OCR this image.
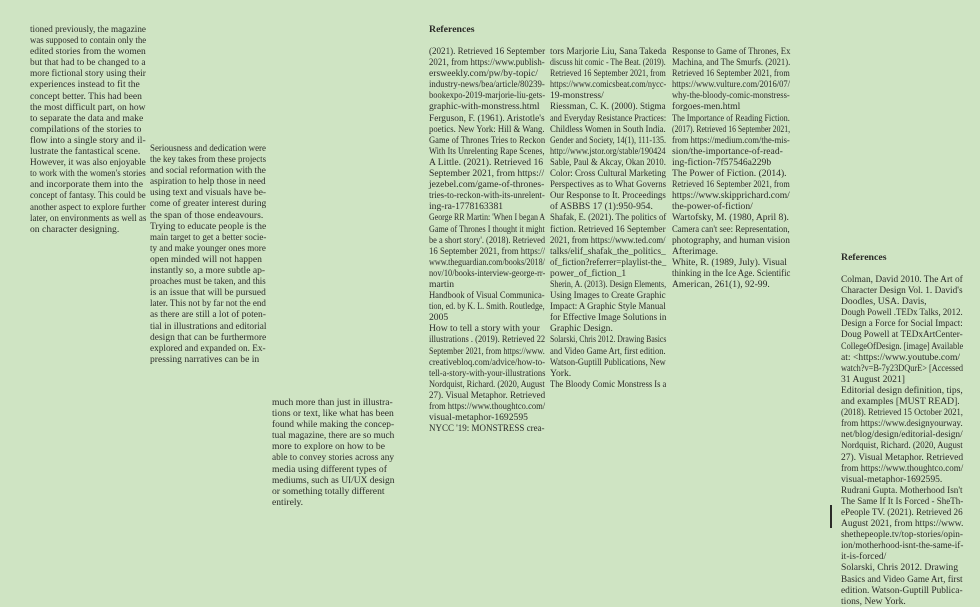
tioned previously, the magazine
was supposed to contain only the
edited stories from the women
but that had to be changed to a
more fictional story using their
experiences instead to fit the
concept better. This had been
the most difficult part, on how
to separate the data and make
compilations of the stories to
flow into a single story and il-
lustrate the fantastical scene.
However, it was also enjoyable
to work with the women's stories
and incorporate them into the
concept of fantasy. This could be
another aspect to explore further
later, on environments as well as
on character designing.
Seriousness and dedication were
the key takes from these projects
and social reformation with the
aspiration to help those in need
using text and visuals have be-
come of greater interest during
the span of those endeavours.
Trying to educate people is the
main target to get a better socie-
ty and make younger ones more
open minded will not happen
instantly so, a more subtle ap-
proaches must be taken, and this
is an issue that will be pursued
later. This not by far not the end
as there are still a lot of poten-
tial in illustrations and editorial
design that can be furthermore
explored and expanded on. Ex-
pressing narratives can be in
much more than just in illustra-
tions or text, like what has been
found while making the concep-
tual magazine, there are so much
more to explore on how to be
able to convey stories across any
media using different types of
mediums, such as UI/UX design
or something totally different
entirely.
References
(2021). Retrieved 16 September
2021, from https://www.publish-
ersweekly.com/pw/by-topic/
industry-news/bea/article/80239-
bookexpo-2019-marjorie-liu-gets-
graphic-with-monstress.html
Ferguson, F. (1961). Aristotle's
poetics. New York: Hill & Wang.
Game of Thrones Tries to Reckon
With Its Unrelenting Rape Scenes,
A Little. (2021). Retrieved 16
September 2021, from https://
jezebel.com/game-of-thrones-
tries-to-reckon-with-its-unrelent-
ing-ra-1778163381
George RR Martin: 'When I began A
Game of Thrones I thought it might
be a short story'. (2018). Retrieved
16 September 2021, from https://
www.theguardian.com/books/2018/
nov/10/books-interview-george-rr-
martin
Handbook of Visual Communica-
tion, ed. by K. L. Smith. Routledge,
2005
How to tell a story with your
illustrations . (2019). Retrieved 22
September 2021, from https://www.
creativebloq.com/advice/how-to-
tell-a-story-with-your-illustrations
Nordquist, Richard. (2020, August
27). Visual Metaphor. Retrieved
from https://www.thoughtco.com/
visual-metaphor-1692595
NYCC '19: MONSTRESS crea-
tors Marjorie Liu, Sana Takeda
discuss hit comic - The Beat. (2019).
Retrieved 16 September 2021, from
https://www.comicsbeat.com/nycc-
19-monstress/
Riessman, C. K. (2000). Stigma
and Everyday Resistance Practices:
Childless Women in South India.
Gender and Society, 14(1), 111-135.
http://www.jstor.org/stable/190424
Sable, Paul & Akcay, Okan 2010.
Color: Cross Cultural Marketing
Perspectives as to What Governs
Our Response to It. Proceedings
of ASBBS 17 (1):950-954.
Shafak, E. (2021). The politics of
fiction. Retrieved 16 September
2021, from https://www.ted.com/
talks/elif_shafak_the_politics_
of_fiction?referrer=playlist-the_
power_of_fiction_1
Sherin, A. (2013). Design Elements,
Using Images to Create Graphic
Impact: A Graphic Style Manual
for Effective Image Solutions in
Graphic Design.
Solarski, Chris 2012. Drawing Basics
and Video Game Art, first edition.
Watson-Guptill Publications, New
York.
The Bloody Comic Monstress Is a
Response to Game of Thrones, Ex
Machina, and The Smurfs. (2021).
Retrieved 16 September 2021, from
https://www.vulture.com/2016/07/
why-the-bloody-comic-monstress-
forgoes-men.html
The Importance of Reading Fiction.
(2017). Retrieved 16 September 2021,
from https://medium.com/the-mis-
sion/the-importance-of-read-
ing-fiction-7f57546a229b
The Power of Fiction. (2014).
Retrieved 16 September 2021, from
https://www.skipprichard.com/
the-power-of-fiction/
Wartofsky, M. (1980, April 8).
Camera can't see: Representation,
photography, and human vision
Afterimage.
White, R. (1989, July). Visual
thinking in the Ice Age. Scientific
American, 261(1), 92-99.
References
Colman, David 2010. The Art of
Character Design Vol. 1. David's
Doodles, USA. Davis,
Dough Powell .TEDx Talks, 2012.
Design a Force for Social Impact:
Doug Powell at TEDxArtCenter-
CollegeOfDesign. [image] Available
at: <https://www.youtube.com/
watch?v=B-7y23DQurE> [Accessed
31 August 2021]
Editorial design definition, tips,
and examples [MUST READ].
(2018). Retrieved 15 October 2021,
from https://www.designyourway.
net/blog/design/editorial-design/
Nordquist, Richard. (2020, August
27). Visual Metaphor. Retrieved
from https://www.thoughtco.com/
visual-metaphor-1692595.
Rudrani Gupta. Motherhood Isn't
The Same If It Is Forced - SheTh-
ePeople TV. (2021). Retrieved 26
August 2021, from https://www.
shethepeople.tv/top-stories/opin-
ion/motherhood-isnt-the-same-if-
it-is-forced/
Solarski, Chris 2012. Drawing
Basics and Video Game Art, first
edition. Watson-Guptill Publica-
tions, New York.
